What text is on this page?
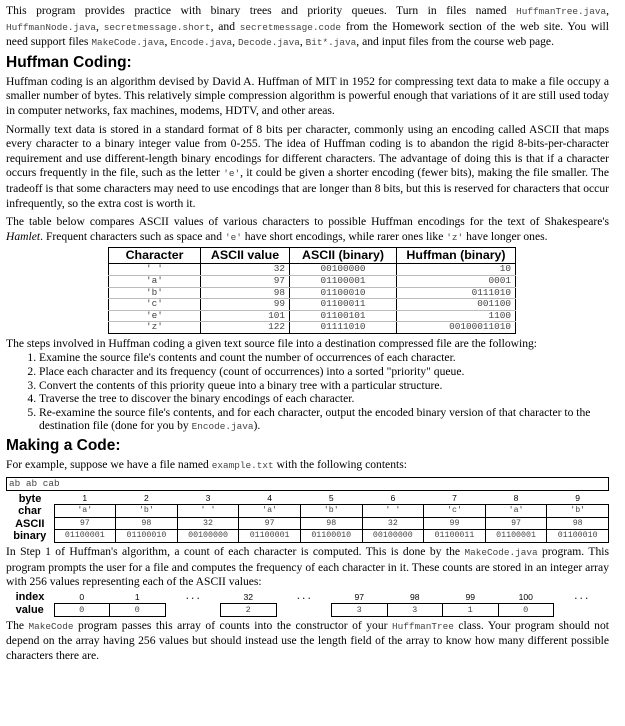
This program provides practice with binary trees and priority queues. Turn in files named HuffmanTree.java, HuffmanNode.java, secretmessage.short, and secretmessage.code from the Homework section of the web site. You will need support files MakeCode.java, Encode.java, Decode.java, Bit*.java, and input files from the course web page.

Huffman Coding:

Huffman coding is an algorithm devised by David A. Huffman of MIT in 1952 for compressing text data to make a file occupy a smaller number of bytes. This relatively simple compression algorithm is powerful enough that variations of it are still used today in computer networks, fax machines, modems, HDTV, and other areas.

Normally text data is stored in a standard format of 8 bits per character, commonly using an encoding called ASCII that maps every character to a binary integer value from 0-255. The idea of Huffman coding is to abandon the rigid 8-bits-per-character requirement and use different-length binary encodings for different characters. The advantage of doing this is that if a character occurs frequently in the file, such as the letter 'e', it could be given a shorter encoding (fewer bits), making the file smaller. The tradeoff is that some characters may need to use encodings that are longer than 8 bits, but this is reserved for characters that occur infrequently, so the extra cost is worth it.

The table below compares ASCII values of various characters to possible Huffman encodings for the text of Shakespeare's Hamlet. Frequent characters such as space and 'e' have short encodings, while rarer ones like 'z' have longer ones.

Character	ASCII value	ASCII (binary)	Huffman (binary)
' '	32	00100000	10
'a'	97	01100001	0001
'b'	98	01100010	0111010
'c'	99	01100011	001100
'e'	101	01100101	1100
'z'	122	01111010	00100011010

The steps involved in Huffman coding a given text source file into a destination compressed file are the following:

1. Examine the source file's contents and count the number of occurrences of each character.
2. Place each character and its frequency (count of occurrences) into a sorted "priority" queue.
3. Convert the contents of this priority queue into a binary tree with a particular structure.
4. Traverse the tree to discover the binary encodings of each character.
5. Re-examine the source file's contents, and for each character, output the encoded binary version of that character to the destination file (done for you by Encode.java).
Making a Code:

For example, suppose we have a file named example.txt with the following contents:

ab ab cab
byte	1	2	3	4	5	6	7	8	9
char	'a'	'b'	' '	'a'	'b'	' '	'c'	'a'	'b'
ASCII	97	98	32	97	98	32	99	97	98
binary	01100001	01100010	00100000	01100001	01100010	00100000	01100011	01100001	01100010

In Step 1 of Huffman's algorithm, a count of each character is computed. This is done by the MakeCode.java program. This program prompts the user for a file and computes the frequency of each character in it. These counts are stored in an integer array with 256 values representing each of the ASCII values:

index	0	1	...	32	...	97	98	99	100	...
value	0	0		2		3	3	1	0	

The MakeCode program passes this array of counts into the constructor of your HuffmanTree class. Your program should not depend on the array having 256 values but should instead use the length field of the array to know how many different possible characters there are.
